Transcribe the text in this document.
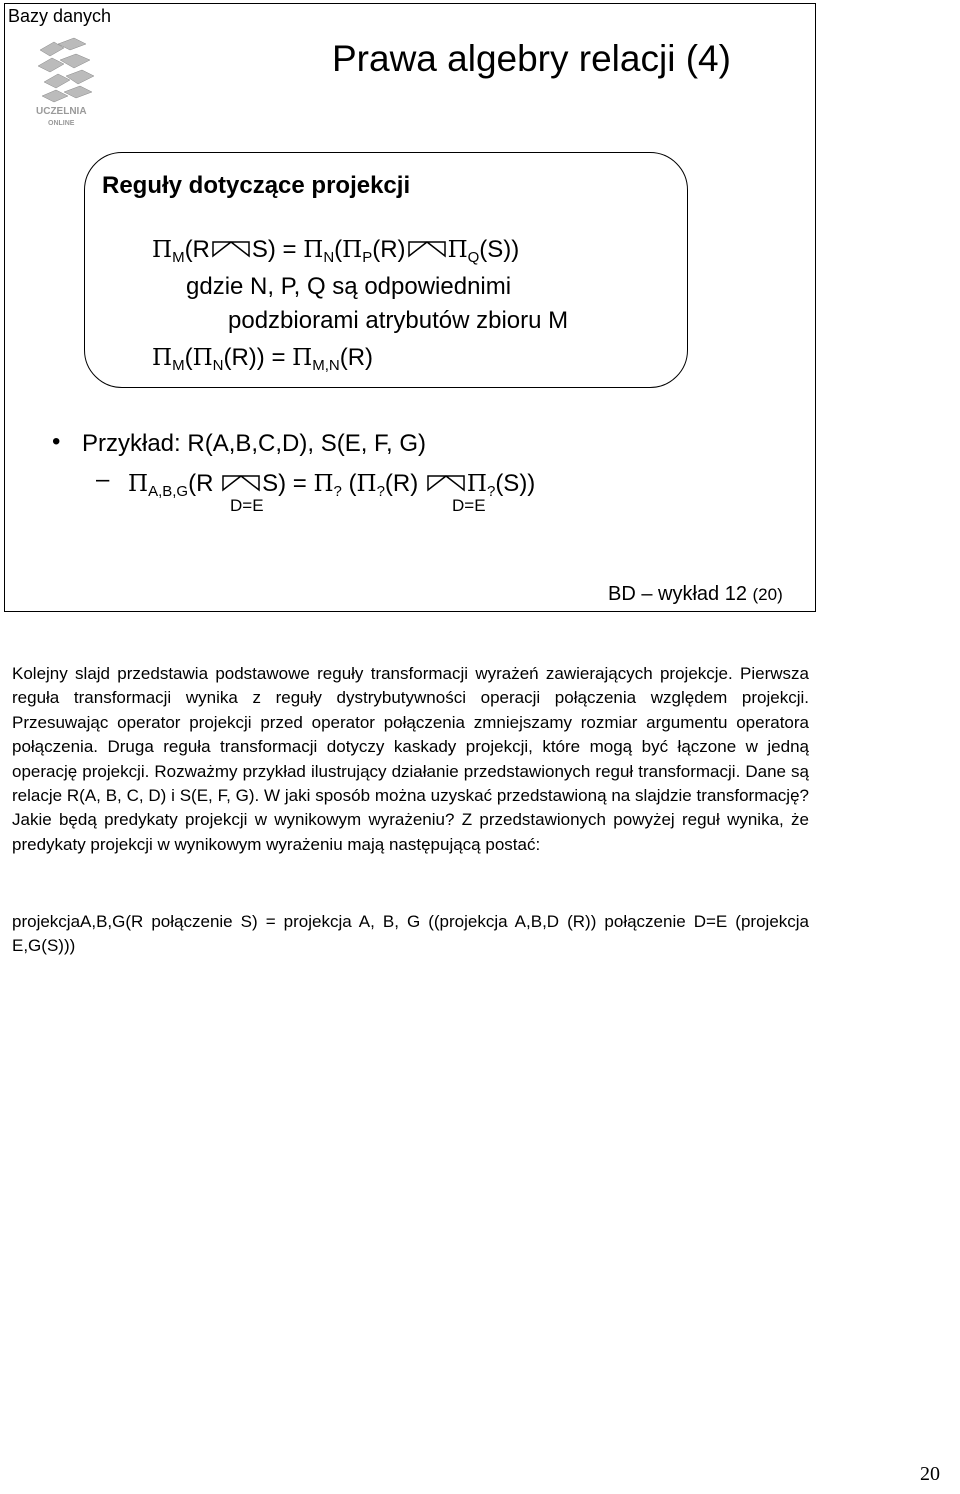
Bazy danych
UCZELNIA
ONLINE
Prawa algebry relacji (4)
Reguły dotyczące projekcji
$\Pi_M(R$ $S) = \Pi_N(\Pi_P(R)$ $\Pi_Q(S)$)
gdzie N, P, Q są odpowiednimi
podzbiorami atrybutów zbioru M
$\Pi_M(\Pi_N(R)) = \Pi_{M,N}(R)$
• Przykład: R(A,B,C,D), S(E, F, G)
– $\Pi_{A,B,G}(R$ $S) = \Pi_?$ ($\Pi_?(R)$ $\Pi_?(S)$)
D=E	D=E
BD – wykład 12 (20)

Kolejny slajd przedstawia podstawowe reguły transformacji wyrażeń zawierających projekcje. Pierwsza reguła transformacji wynika z reguły dystrybutywności operacji połączenia względem projekcji. Przesuwając operator projekcji przed operator połączenia zmniejszamy rozmiar argumentu operatora połączenia. Druga reguła transformacji dotyczy kaskady projekcji, które mogą być łączone w jedną operację projekcji. Rozważmy przykład ilustrujący działanie przedstawionych reguł transformacji. Dane są relacje R(A, B, C, D) i S(E, F, G). W jaki sposób można uzyskać przedstawioną na slajdzie transformację? Jakie będą predykaty projekcji w wynikowym wyrażeniu? Z przedstawionych powyżej reguł wynika, że predykaty projekcji w wynikowym wyrażeniu mają następującą postać:

projekcjaA,B,G(R połączenie S) = projekcja A, B, G ((projekcja A,B,D (R)) połączenie D=E (projekcja E,G(S)))

20
